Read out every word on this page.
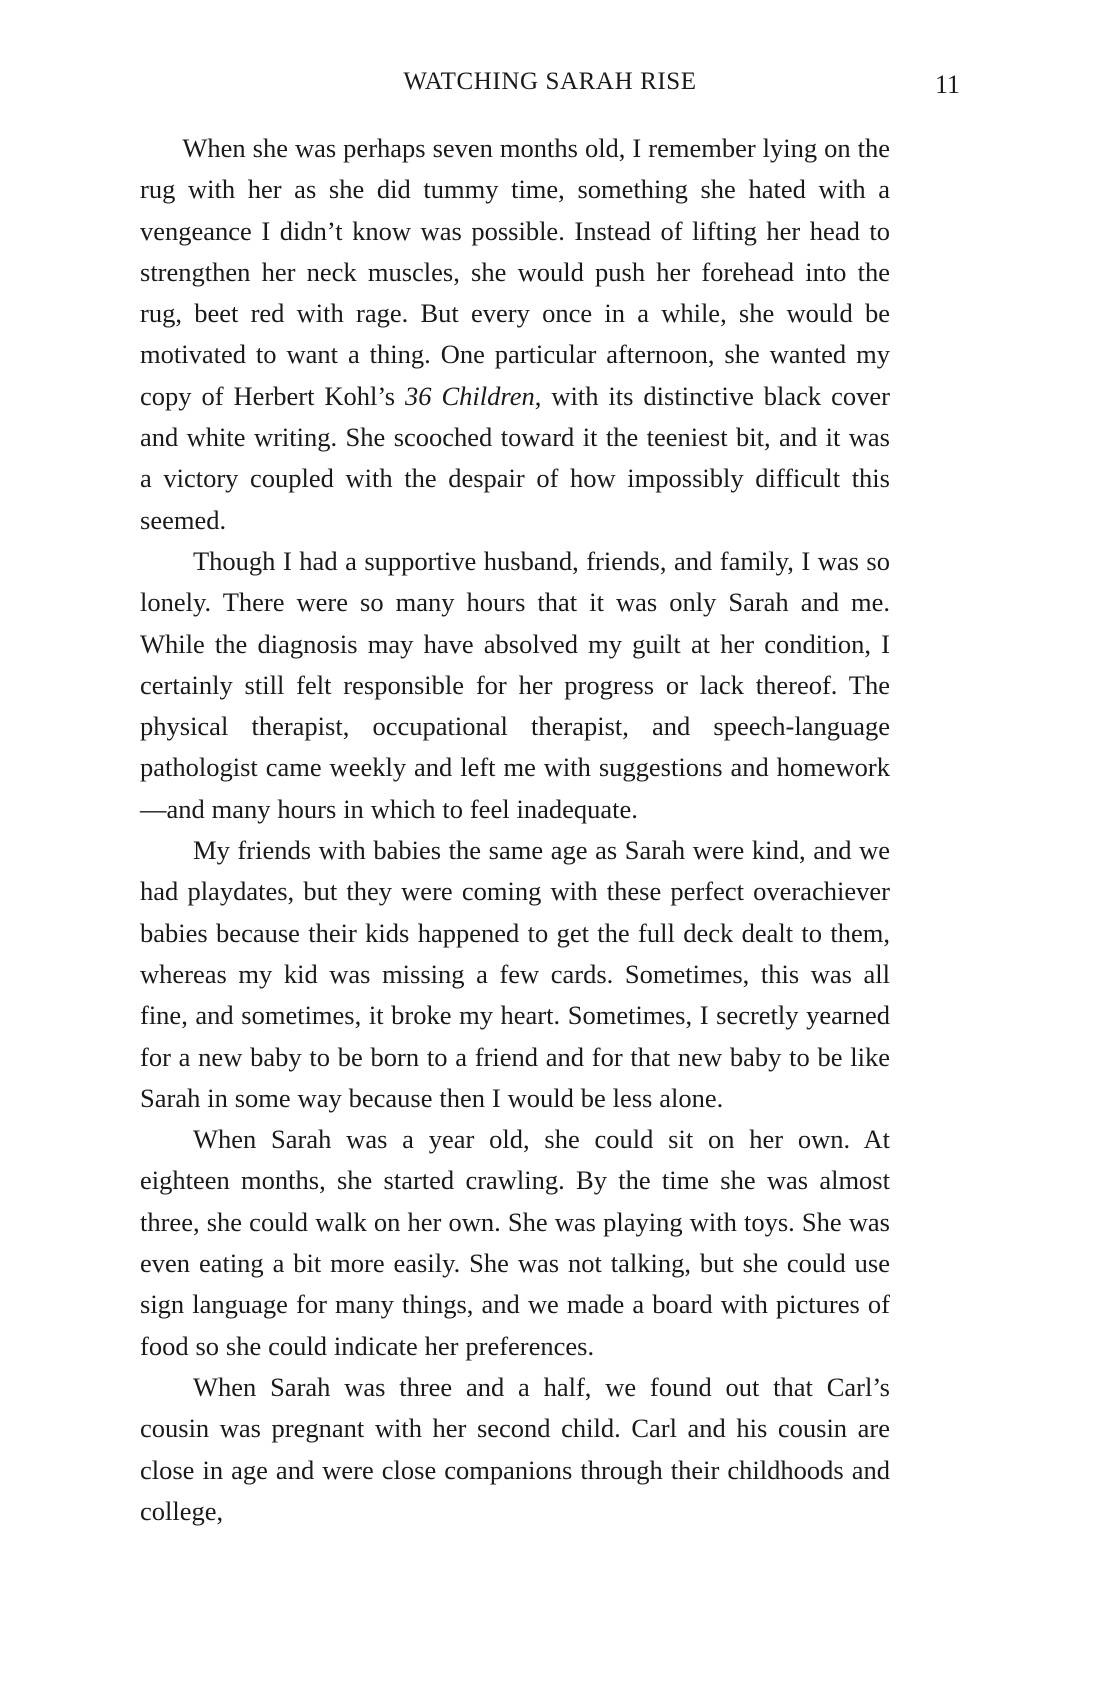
WATCHING SARAH RISE	11

When she was perhaps seven months old, I remember lying on the rug with her as she did tummy time, something she hated with a vengeance I didn’t know was possible. Instead of lifting her head to strengthen her neck muscles, she would push her forehead into the rug, beet red with rage. But every once in a while, she would be motivated to want a thing. One particular afternoon, she wanted my copy of Herbert Kohl’s 36 Children, with its distinctive black cover and white writing. She scooched toward it the teeniest bit, and it was a victory coupled with the despair of how impossibly difficult this seemed.

Though I had a supportive husband, friends, and family, I was so lonely. There were so many hours that it was only Sarah and me. While the diagnosis may have absolved my guilt at her condition, I certainly still felt responsible for her progress or lack thereof. The physical therapist, occupational therapist, and speech-language pathologist came weekly and left me with suggestions and homework—and many hours in which to feel inadequate.

My friends with babies the same age as Sarah were kind, and we had playdates, but they were coming with these perfect overachiever babies because their kids happened to get the full deck dealt to them, whereas my kid was missing a few cards. Sometimes, this was all fine, and sometimes, it broke my heart. Sometimes, I secretly yearned for a new baby to be born to a friend and for that new baby to be like Sarah in some way because then I would be less alone.

When Sarah was a year old, she could sit on her own. At eighteen months, she started crawling. By the time she was almost three, she could walk on her own. She was playing with toys. She was even eating a bit more easily. She was not talking, but she could use sign language for many things, and we made a board with pictures of food so she could indicate her preferences.

When Sarah was three and a half, we found out that Carl’s cousin was pregnant with her second child. Carl and his cousin are close in age and were close companions through their childhoods and college,
